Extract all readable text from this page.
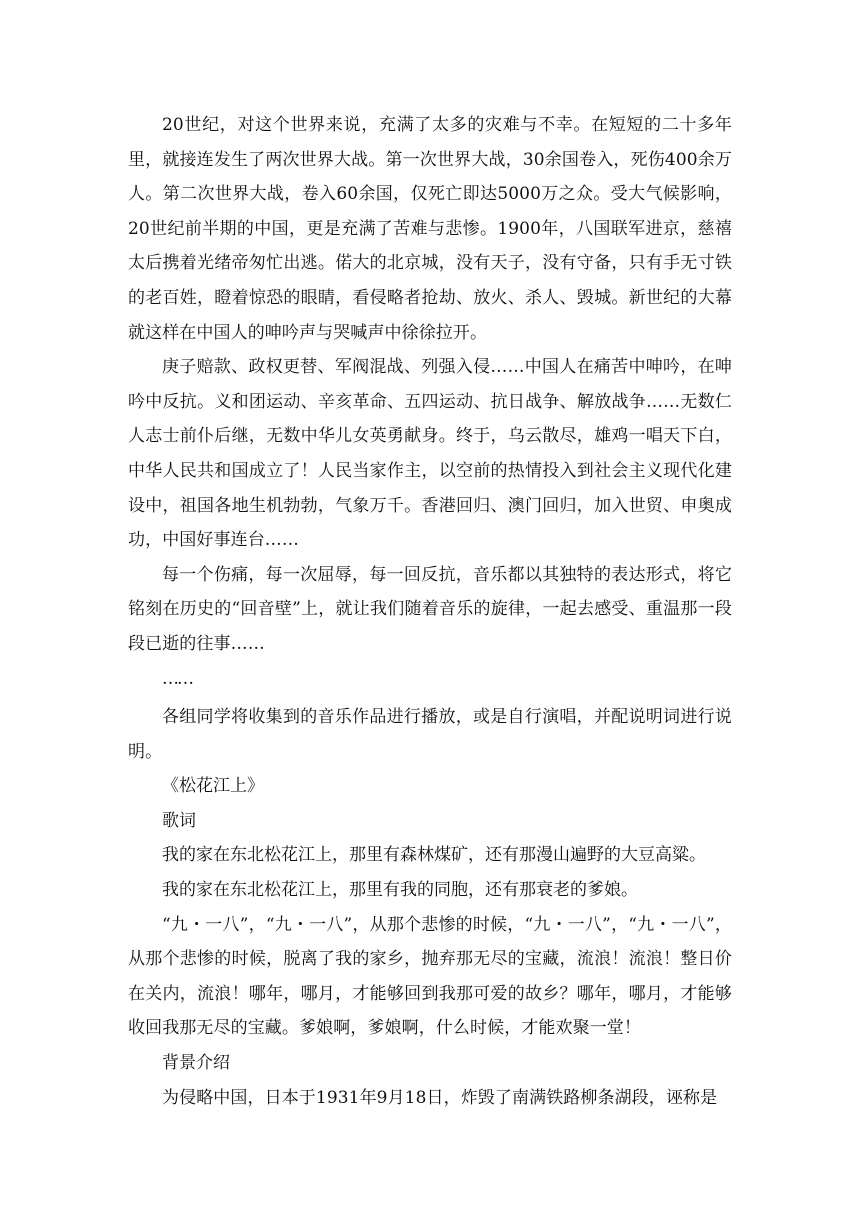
20世纪，对这个世界来说，充满了太多的灾难与不幸。在短短的二十多年里，就接连发生了两次世界大战。第一次世界大战，30余国卷入，死伤400余万人。第二次世界大战，卷入60余国，仅死亡即达5000万之众。受大气候影响，20世纪前半期的中国，更是充满了苦难与悲惨。1900年，八国联军进京，慈禧太后携着光绪帝匆忙出逃。偌大的北京城，没有天子，没有守备，只有手无寸铁的老百姓，瞪着惊恐的眼睛，看侵略者抢劫、放火、杀人、毁城。新世纪的大幕就这样在中国人的呻吟声与哭喊声中徐徐拉开。

庚子赔款、政权更替、军阀混战、列强入侵……中国人在痛苦中呻吟，在呻吟中反抗。义和团运动、辛亥革命、五四运动、抗日战争、解放战争……无数仁人志士前仆后继，无数中华儿女英勇献身。终于，乌云散尽，雄鸡一唱天下白，中华人民共和国成立了！人民当家作主，以空前的热情投入到社会主义现代化建设中，祖国各地生机勃勃，气象万千。香港回归、澳门回归，加入世贸、申奥成功，中国好事连台……

每一个伤痛，每一次屈辱，每一回反抗，音乐都以其独特的表达形式，将它铭刻在历史的“回音壁”上，就让我们随着音乐的旋律，一起去感受、重温那一段段已逝的往事……

……

各组同学将收集到的音乐作品进行播放，或是自行演唱，并配说明词进行说明。

《松花江上》

歌词

我的家在东北松花江上，那里有森林煤矿，还有那漫山遍野的大豆高粱。

我的家在东北松花江上，那里有我的同胞，还有那衰老的爹娘。

“九・一八”，“九・一八”，从那个悲惨的时候，“九・一八”，“九・一八”，从那个悲惨的时候，脱离了我的家乡，抛弃那无尽的宝藏，流浪！流浪！整日价在关内，流浪！哪年，哪月，才能够回到我那可爱的故乡？哪年，哪月，才能够收回我那无尽的宝藏。爹娘啊，爹娘啊，什么时候，才能欢聚一堂！

背景介绍

为侵略中国，日本于1931年9月18日，炸毁了南满铁路柳条湖段，诬称是
